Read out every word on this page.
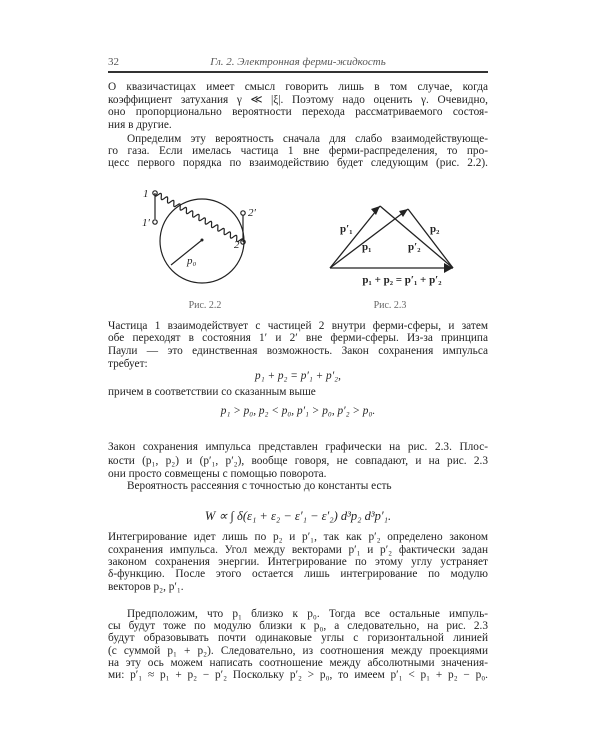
32	Гл. 2. Электронная ферми-жидкость
О квазичастицах имеет смысл говорить лишь в том случае, когда
коэффициент затухания γ ≪ |ξ|. Поэтому надо оценить γ. Очевидно,
оно пропорционально вероятности перехода рассматриваемого состоя-
ния в другие.
Определим эту вероятность сначала для слабо взаимодействующе-
го газа. Если имелась частица 1 вне ферми-распределения, то про-
цесс первого порядка по взаимодействию будет следующим (рис. 2.2).
Частица 1 взаимодействует с частицей 2 внутри ферми-сферы, и затем
обе переходят в состояния 1′ и 2′ вне ферми-сферы. Из-за принципа
Паули — это единственная возможность. Закон сохранения импульса
требует:
p₁ + p₂ = p′₁ + p′₂,
причем в соответствии со сказанным выше
p₁ > p₀, p₂ < p₀, p′₁ > p₀, p′₂ > p₀.
Закон сохранения импульса представлен графически на рис. 2.3. Плос-
кости (p₁, p₂) и (p′₁, p′₂), вообще говоря, не совпадают, и на рис. 2.3
они просто совмещены с помощью поворота.
Вероятность рассеяния с точностью до константы есть
W ∝ ∫ δ(ε₁ + ε₂ − ε′₁ − ε′₂) d³p₂ d³p′₁.
Интегрирование идет лишь по p₂ и p′₁, так как p′₂ определено законом
сохранения импульса. Угол между векторами p′₁ и p′₂ фактически задан
законом сохранения энергии. Интегрирование по этому углу устраняет
δ-функцию. После этого остается лишь интегрирование по модулю
векторов p₂, p′₁.
Предположим, что p₁ близко к p₀. Тогда все остальные импуль-
сы будут тоже по модулю близки к p₀, а следовательно, на рис. 2.3
будут образовывать почти одинаковые углы с горизонтальной линией
(с суммой p₁ + p₂). Следовательно, из соотношения между проекциями
на эту ось можем написать соотношение между абсолютными значения-
ми: p′₁ ≈ p₁ + p₂ − p′₂ Поскольку p′₂ > p₀, то имеем p′₁ < p₁ + p₂ − p₀.
1
1′
2′
2
p₀
Рис. 2.2
p′₁
p₁	p′₂
p₂
p₁ + p₂ = p′₁ + p′₂
Рис. 2.3
